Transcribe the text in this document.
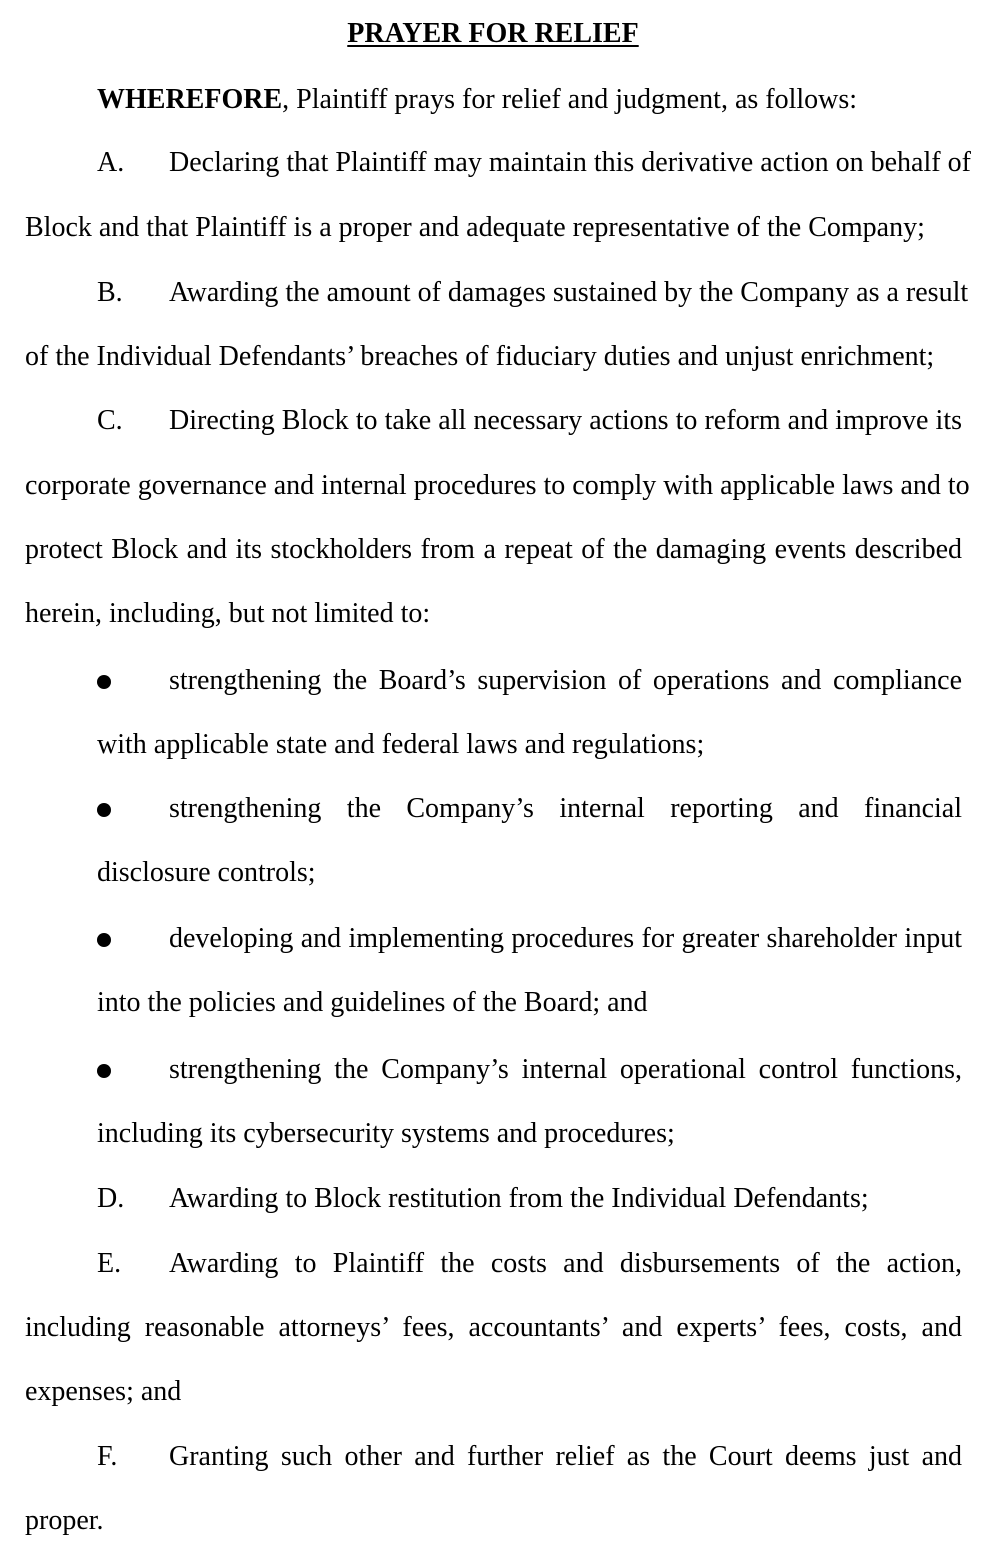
PRAYER FOR RELIEF
WHEREFORE, Plaintiff prays for relief and judgment, as follows:
A. Declaring that Plaintiff may maintain this derivative action on behalf of
Block and that Plaintiff is a proper and adequate representative of the Company;
B. Awarding the amount of damages sustained by the Company as a result
of the Individual Defendants’ breaches of fiduciary duties and unjust enrichment;
C. Directing Block to take all necessary actions to reform and improve its
corporate governance and internal procedures to comply with applicable laws and to
protect Block and its stockholders from a repeat of the damaging events described
herein, including, but not limited to:
strengthening the Board’s supervision of operations and compliance
with applicable state and federal laws and regulations;
strengthening the Company’s internal reporting and financial
disclosure controls;
developing and implementing procedures for greater shareholder input
into the policies and guidelines of the Board; and
strengthening the Company’s internal operational control functions,
including its cybersecurity systems and procedures;
D. Awarding to Block restitution from the Individual Defendants;
E. Awarding to Plaintiff the costs and disbursements of the action,
including reasonable attorneys’ fees, accountants’ and experts’ fees, costs, and
expenses; and
F. Granting such other and further relief as the Court deems just and
proper.
